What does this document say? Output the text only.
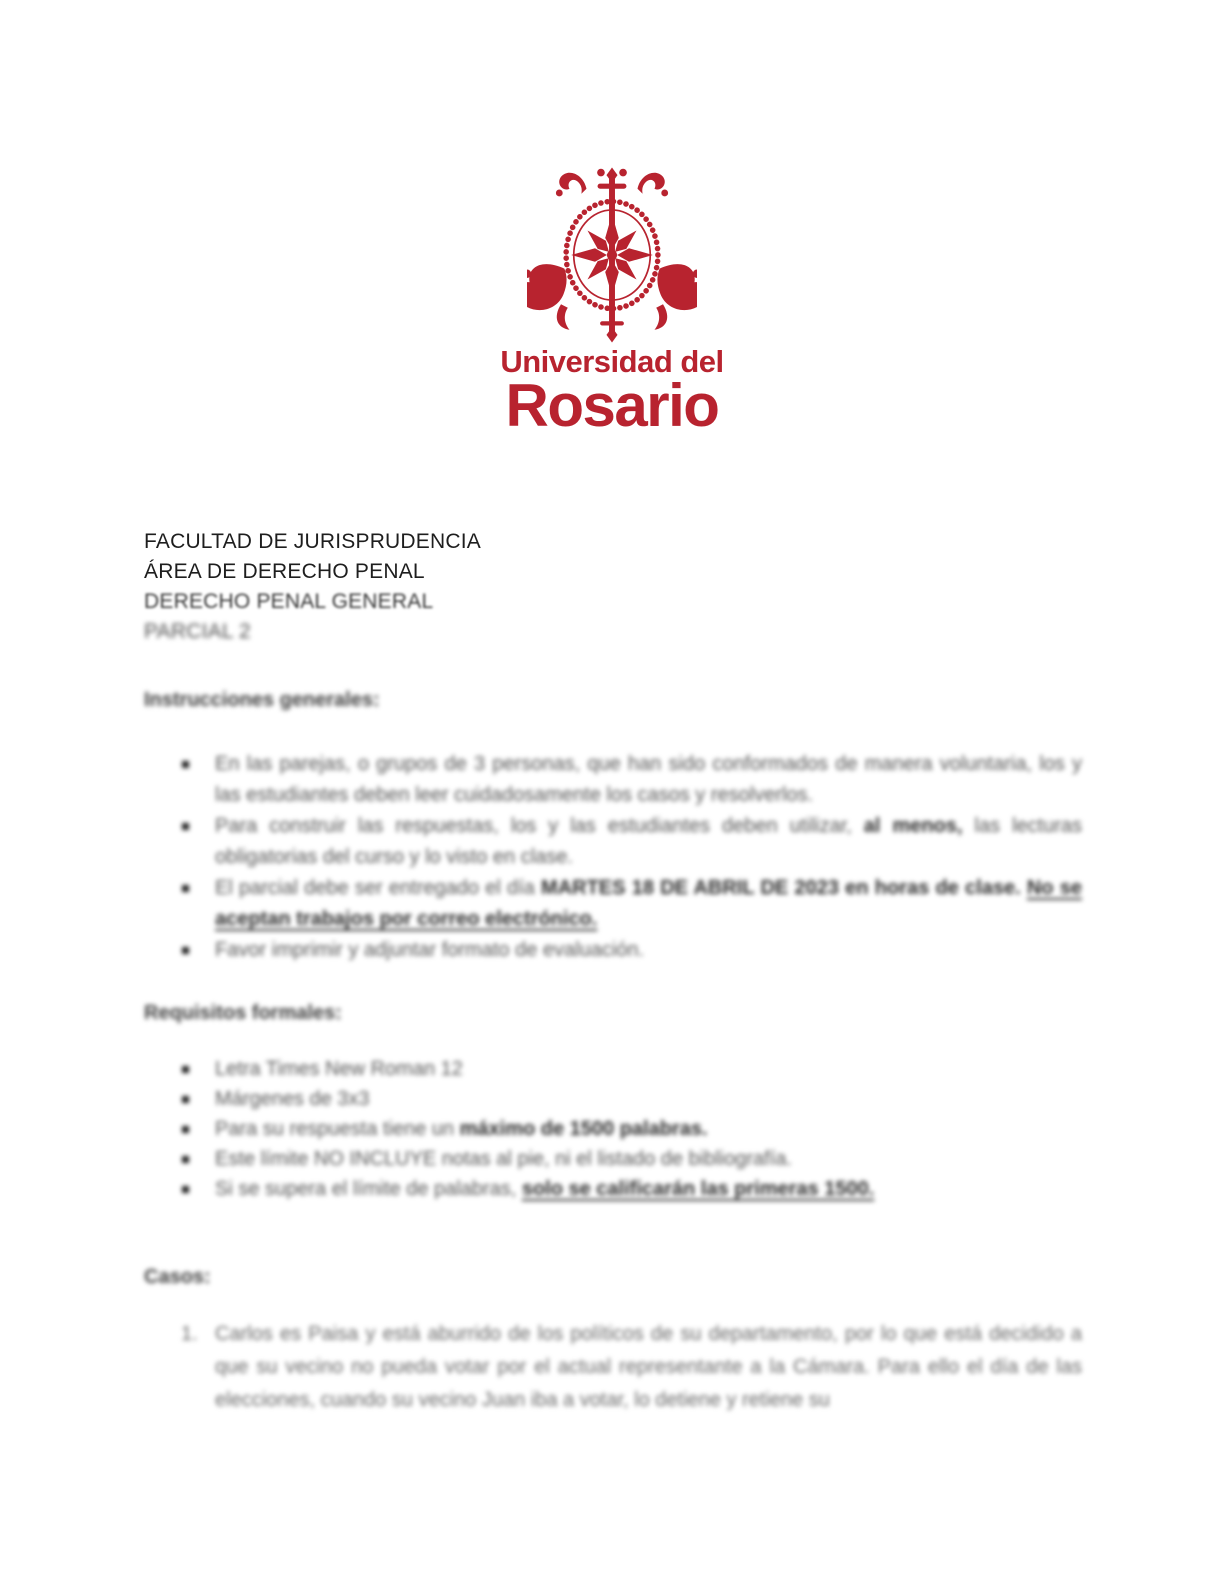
Universidad del
Rosario
FACULTAD DE JURISPRUDENCIA
ÁREA DE DERECHO PENAL
DERECHO PENAL GENERAL
PARCIAL 2
Instrucciones generales:
En las parejas, o grupos de 3 personas, que han sido conformados de manera voluntaria, los y las estudiantes deben leer cuidadosamente los casos y resolverlos.
Para construir las respuestas, los y las estudiantes deben utilizar, al menos, las lecturas obligatorias del curso y lo visto en clase.
El parcial debe ser entregado el día MARTES 18 DE ABRIL DE 2023 en horas de clase. No se aceptan trabajos por correo electrónico.
Favor imprimir y adjuntar formato de evaluación.
Requisitos formales:
Letra Times New Roman 12
Márgenes de 3x3
Para su respuesta tiene un máximo de 1500 palabras.
Este límite NO INCLUYE notas al pie, ni el listado de bibliografía.
Si se supera el límite de palabras, solo se calificarán las primeras 1500.
Casos:
1. Carlos es Paisa y está aburrido de los políticos de su departamento, por lo que está decidido a que su vecino no pueda votar por el actual representante a la Cámara. Para ello el día de las elecciones, cuando su vecino Juan iba a votar, lo detiene y retiene su
